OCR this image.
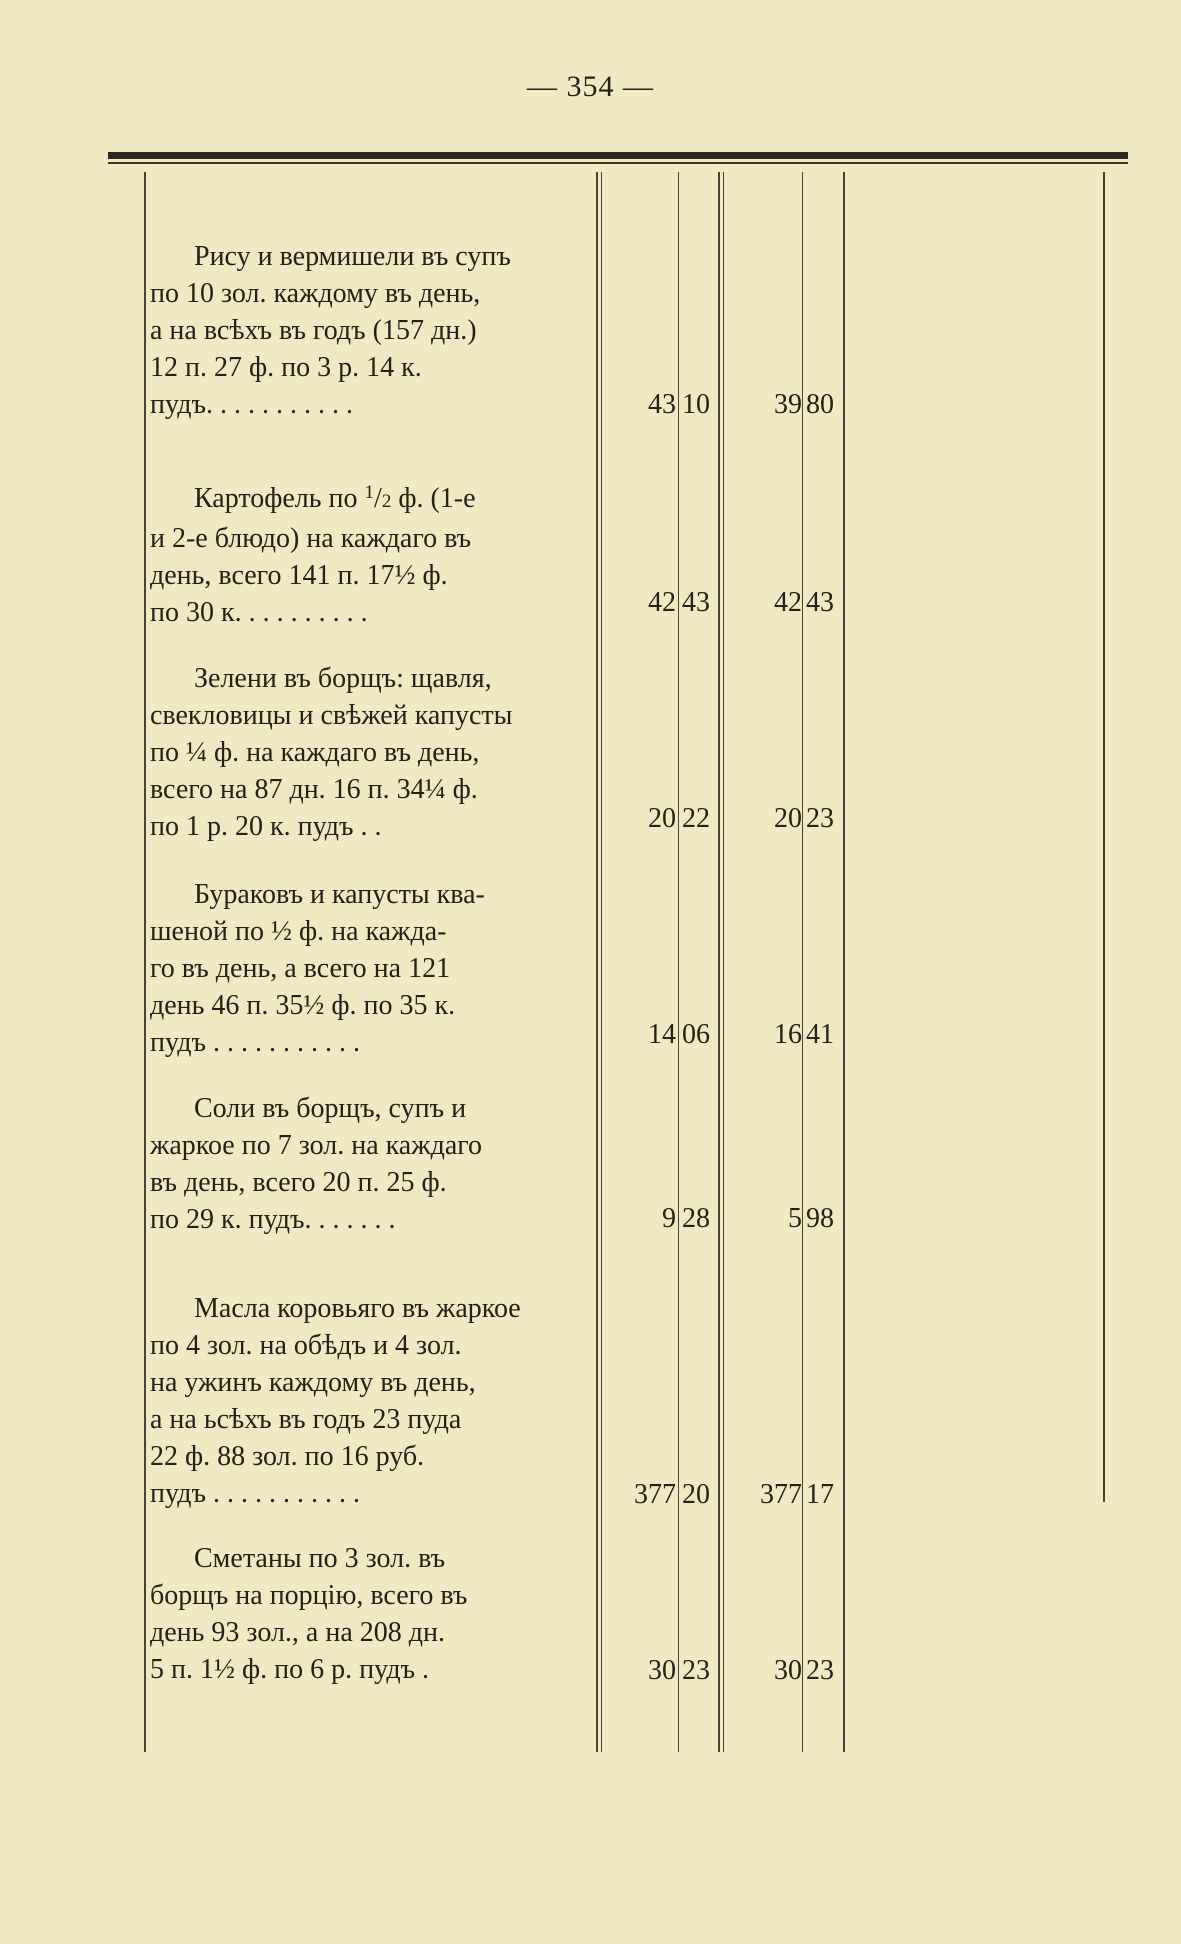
— 354 —
Рису и вермишели въ супъ
по 10 зол. каждому въ день,
а на всѣхъ въ годъ (157 дн.)
12 п. 27 ф. по 3 р. 14 к.
пудъ. . . . . . . . . . .	43 10	39 80
Картофель по $^1$/2 ф. (1-е
и 2-е блюдо) на каждаго въ
день, всего 141 п. 17½ ф.
по 30 к. . . . . . . . . .	42 43	42 43
Зелени въ борщъ: щавля,
свекловицы и свѣжей капусты
по ¼ ф. на каждаго въ день,
всего на 87 дн. 16 п. 34¼ ф.
по 1 р. 20 к. пудъ . .	20 22	20 23
Бураковъ и капусты ква-
шеной по ½ ф. на кажда-
го въ день, а всего на 121
день 46 п. 35½ ф. по 35 к.
пудъ . . . . . . . . . . .	14 06	16 41
Соли въ борщъ, супъ и
жаркое по 7 зол. на каждаго
въ день, всего 20 п. 25 ф.
по 29 к. пудъ. . . . . . .	9 28	5 98
Масла коровьяго въ жаркое
по 4 зол. на обѣдъ и 4 зол.
на ужинъ каждому въ день,
а на ьсѣхъ въ годъ 23 пуда
22 ф. 88 зол. по 16 руб.
пудъ . . . . . . . . . . .	377 20	377 17
Сметаны по 3 зол. въ
борщъ на порцію, всего въ
день 93 зол., а на 208 дн.
5 п. 1½ ф. по 6 р. пудъ .	30 23	30 23
